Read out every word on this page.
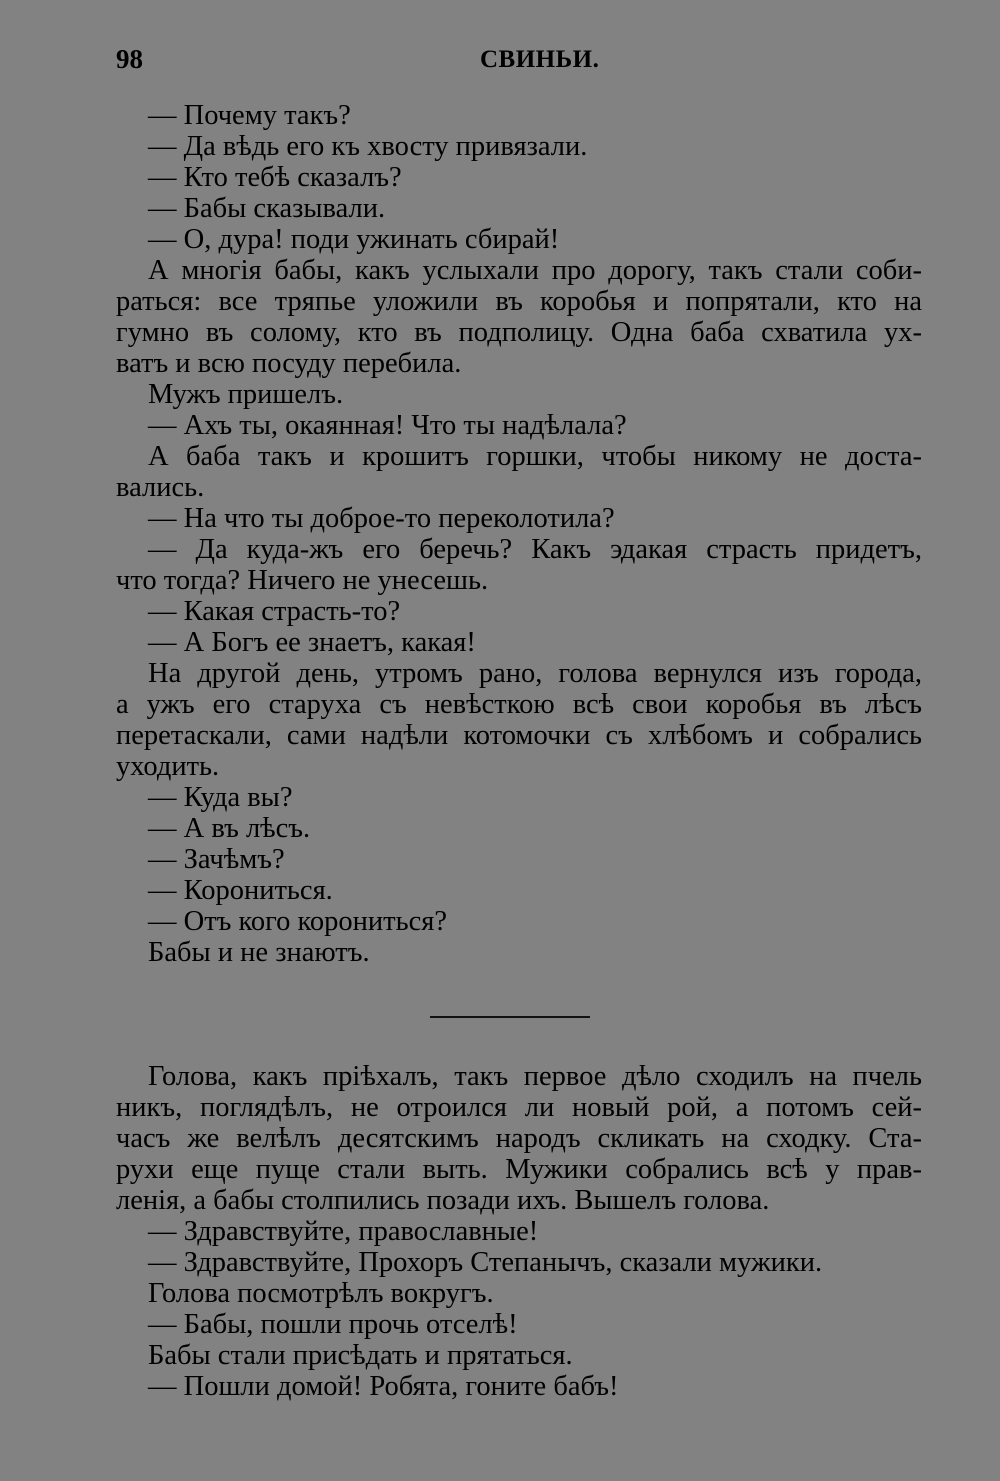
98	СВИНЬИ.
— Почему такъ?
— Да вѣдь его къ хвосту привязали.
— Кто тебѣ сказалъ?
— Бабы сказывали.
— О, дура! поди ужинать сбирай!
А многія бабы, какъ услыхали про дорогу, такъ стали соби-
раться: все тряпье уложили въ коробья и попрятали, кто на
гумно въ солому, кто въ подполицу. Одна баба схватила ух-
ватъ и всю посуду перебила.
Мужъ пришелъ.
— Ахъ ты, окаянная! Что ты надѣлала?
А баба такъ и крошитъ горшки, чтобы никому не доста-
вались.
— На что ты доброе-то переколотила?
— Да куда-жъ его беречь? Какъ эдакая страсть придетъ,
что тогда? Ничего не унесешь.
— Какая страсть-то?
— А Богъ ее знаетъ, какая!
На другой день, утромъ рано, голова вернулся изъ города,
а ужъ его старуха съ невѣсткою всѣ свои коробья въ лѣсъ
перетаскали, сами надѣли котомочки съ хлѣбомъ и собрались
уходить.
— Куда вы?
— А въ лѣсъ.
— Зачѣмъ?
— Корониться.
— Отъ кого корониться?
Бабы и не знаютъ.
Голова, какъ пріѣхалъ, такъ первое дѣло сходилъ на пчель
никъ, поглядѣлъ, не отроился ли новый рой, а потомъ сей-
часъ же велѣлъ десятскимъ народъ скликать на сходку. Ста-
рухи еще пуще стали выть. Мужики собрались всѣ у прав-
ленія, а бабы столпились позади ихъ. Вышелъ голова.
— Здравствуйте, православные!
— Здравствуйте, Прохоръ Степанычъ, сказали мужики.
Голова посмотрѣлъ вокругъ.
— Бабы, пошли прочь отселѣ!
Бабы стали присѣдать и прятаться.
— Пошли домой! Робята, гоните бабъ!
